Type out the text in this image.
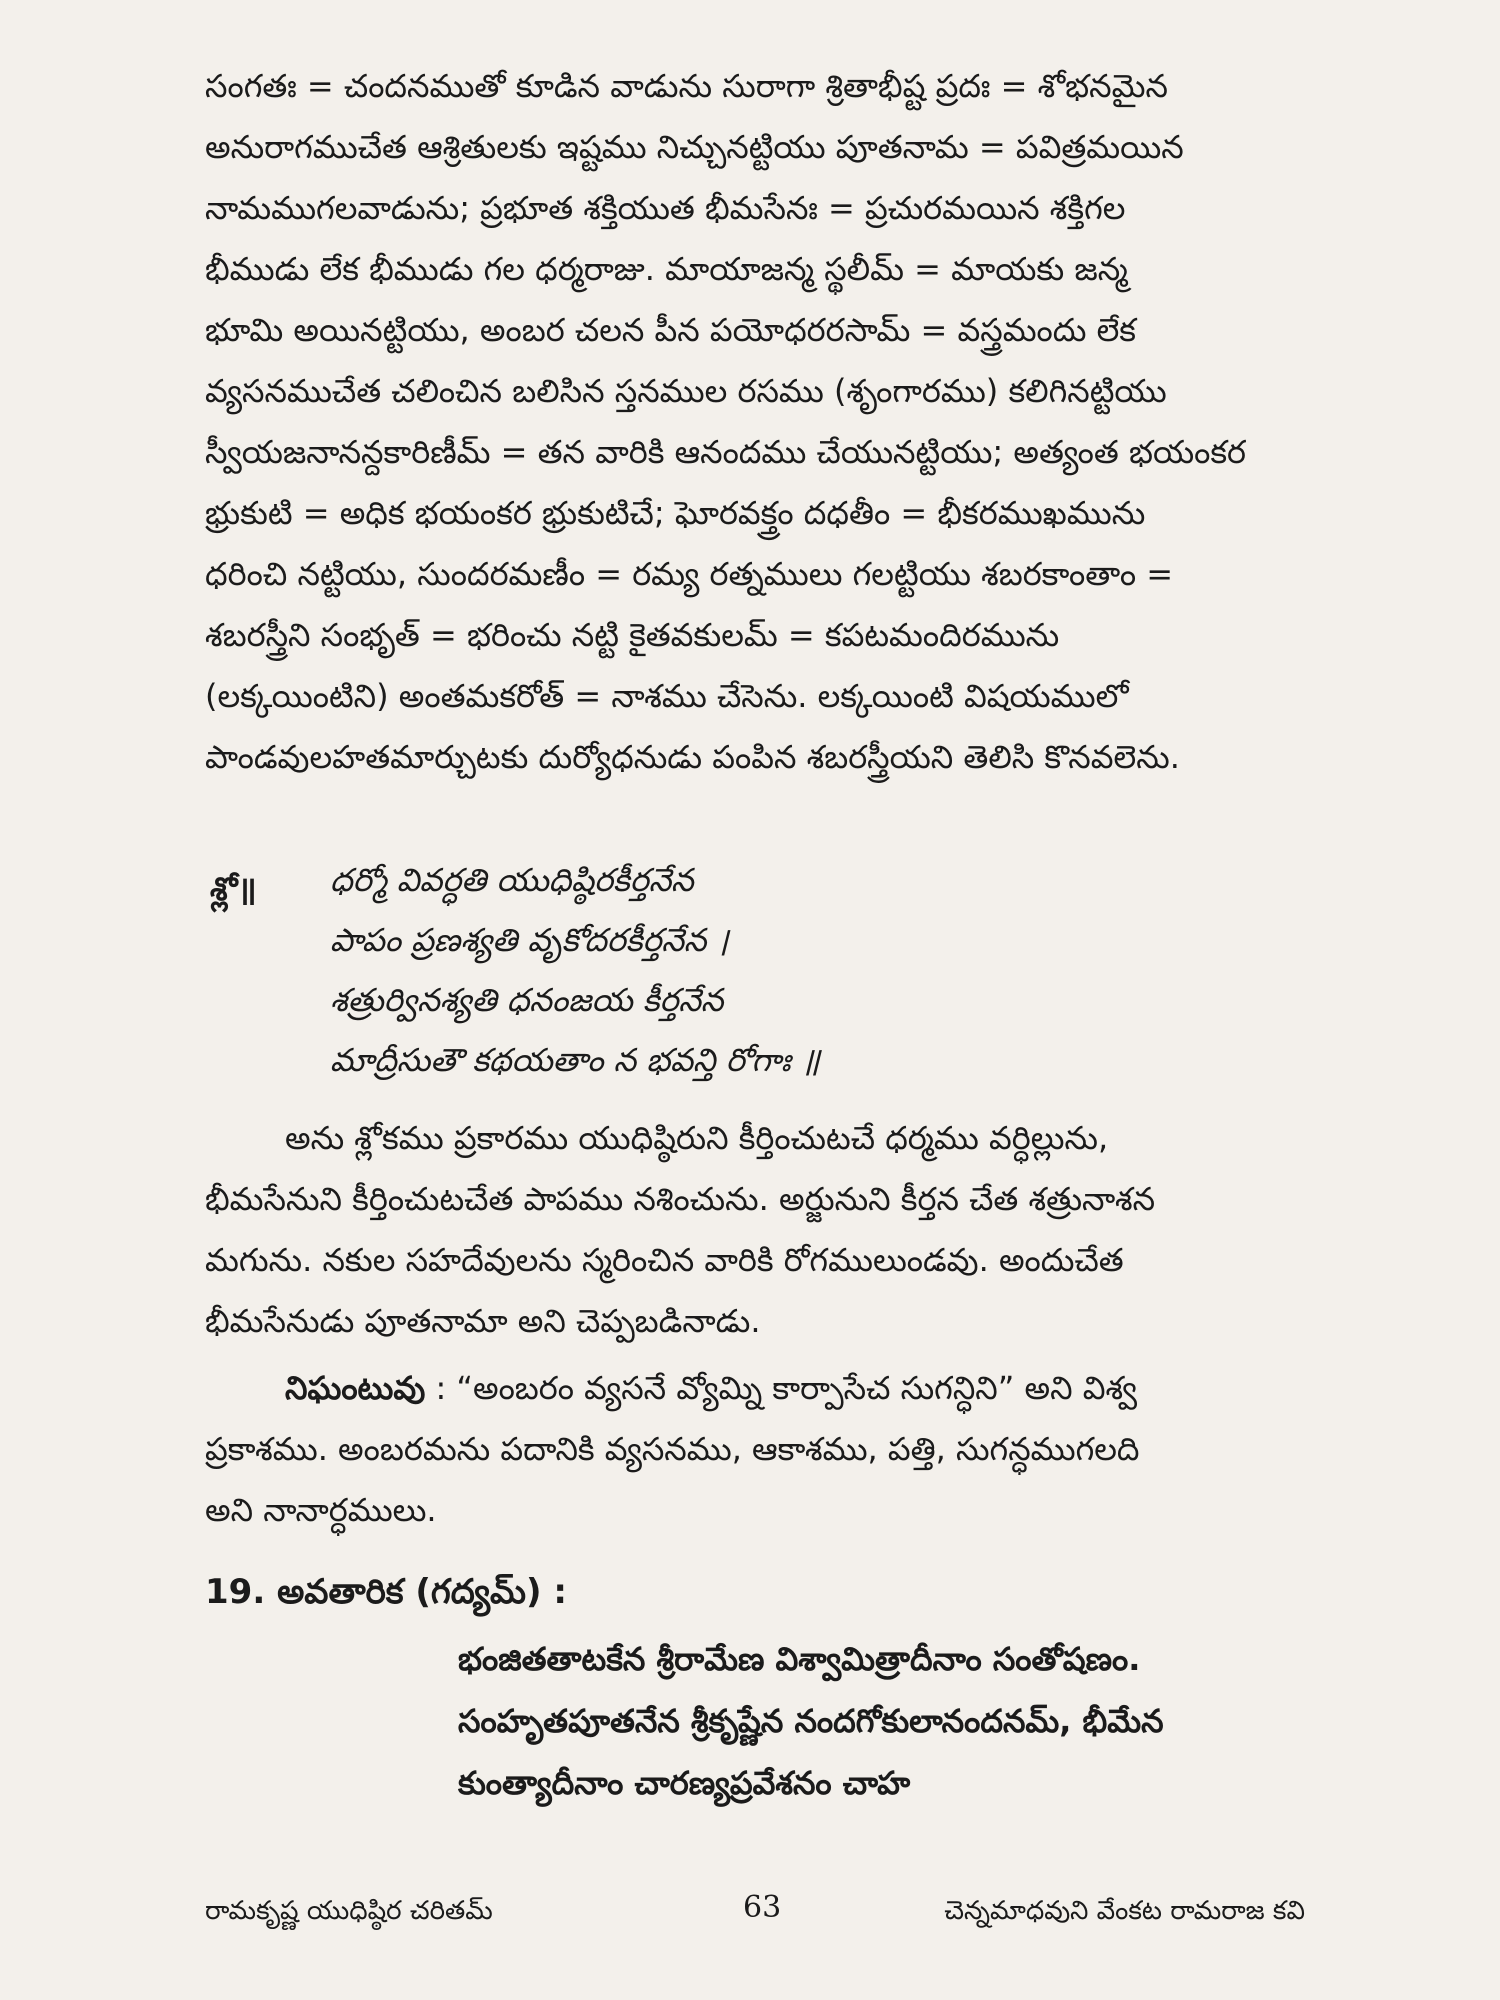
సంగతః = చందనముతో కూడిన వాడును సురాగా శ్రితాభీష్ట ప్రదః = శోభనమైన
అనురాగముచేత ఆశ్రితులకు ఇష్టము నిచ్చునట్టియు పూతనామ = పవిత్రమయిన
నామముగలవాడును; ప్రభూత శక్తియుత భీమసేనః = ప్రచురమయిన శక్తిగల
భీముడు లేక భీముడు గల ధర్మరాజు. మాయాజన్మ స్థలీమ్ = మాయకు జన్మ
భూమి అయినట్టియు, అంబర చలన పీన పయోధరరసామ్ = వస్త్రమందు లేక
వ్యసనముచేత చలించిన బలిసిన స్తనముల రసము (శృంగారము) కలిగినట్టియు
స్వీయజనానన్దకారిణీమ్ = తన వారికి ఆనందము చేయునట్టియు; అత్యంత భయంకర
భ్రుకుటి = అధిక భయంకర భ్రుకుటిచే; ఘోరవక్త్రం దధతీం = భీకరముఖమును
ధరించి నట్టియు, సుందరమణీం = రమ్య రత్నములు గలట్టియు శబరకాంతాం =
శబరస్త్రీని సంభృత్ = భరించు నట్టి కైతవకులమ్ = కపటమందిరమును
(లక్కయింటిని) అంతమకరోత్ = నాశము చేసెను. లక్కయింటి విషయములో
పాండవులహతమార్చుటకు దుర్యోధనుడు పంపిన శబరస్త్రీయని తెలిసి కొనవలెను.

శ్లో॥ ధర్మో వివర్ధతి యుధిష్ఠిరకీర్తనేన
పాపం ప్రణశ్యతి వృకోదరకీర్తనేన ।
శత్రుర్వినశ్యతి ధనంజయ కీర్తనేన
మాద్రీసుతౌ కథయతాం న భవన్తి రోగాః ॥

అను శ్లోకము ప్రకారము యుధిష్ఠిరుని కీర్తించుటచే ధర్మము వర్ధిల్లును,
భీమసేనుని కీర్తించుటచేత పాపము నశించును. అర్జునుని కీర్తన చేత శత్రునాశన
మగును. నకుల సహదేవులను స్మరించిన వారికి రోగములుండవు. అందుచేత
భీమసేనుడు పూతనామా అని చెప్పబడినాడు.

నిఘంటువు : “అంబరం వ్యసనే వ్యోమ్ని కార్పాసేచ సుగన్ధిని” అని విశ్వ
ప్రకాశము. అంబరమను పదానికి వ్యసనము, ఆకాశము, పత్తి, సుగన్ధముగలది
అని నానార్ధములు.

19. అవతారిక (గద్యమ్) :

భంజితతాటకేన శ్రీరామేణ విశ్వామిత్రాదీనాం సంతోషణం.
సంహృతపూతనేన శ్రీకృష్ణేన నందగోకులానందనమ్, భీమేన
కుంత్యాదీనాం చారణ్యప్రవేశనం చాహ

రామకృష్ణ యుధిష్ఠిర చరితమ్	63	చెన్నమాధవుని వేంకట రామరాజ కవి
